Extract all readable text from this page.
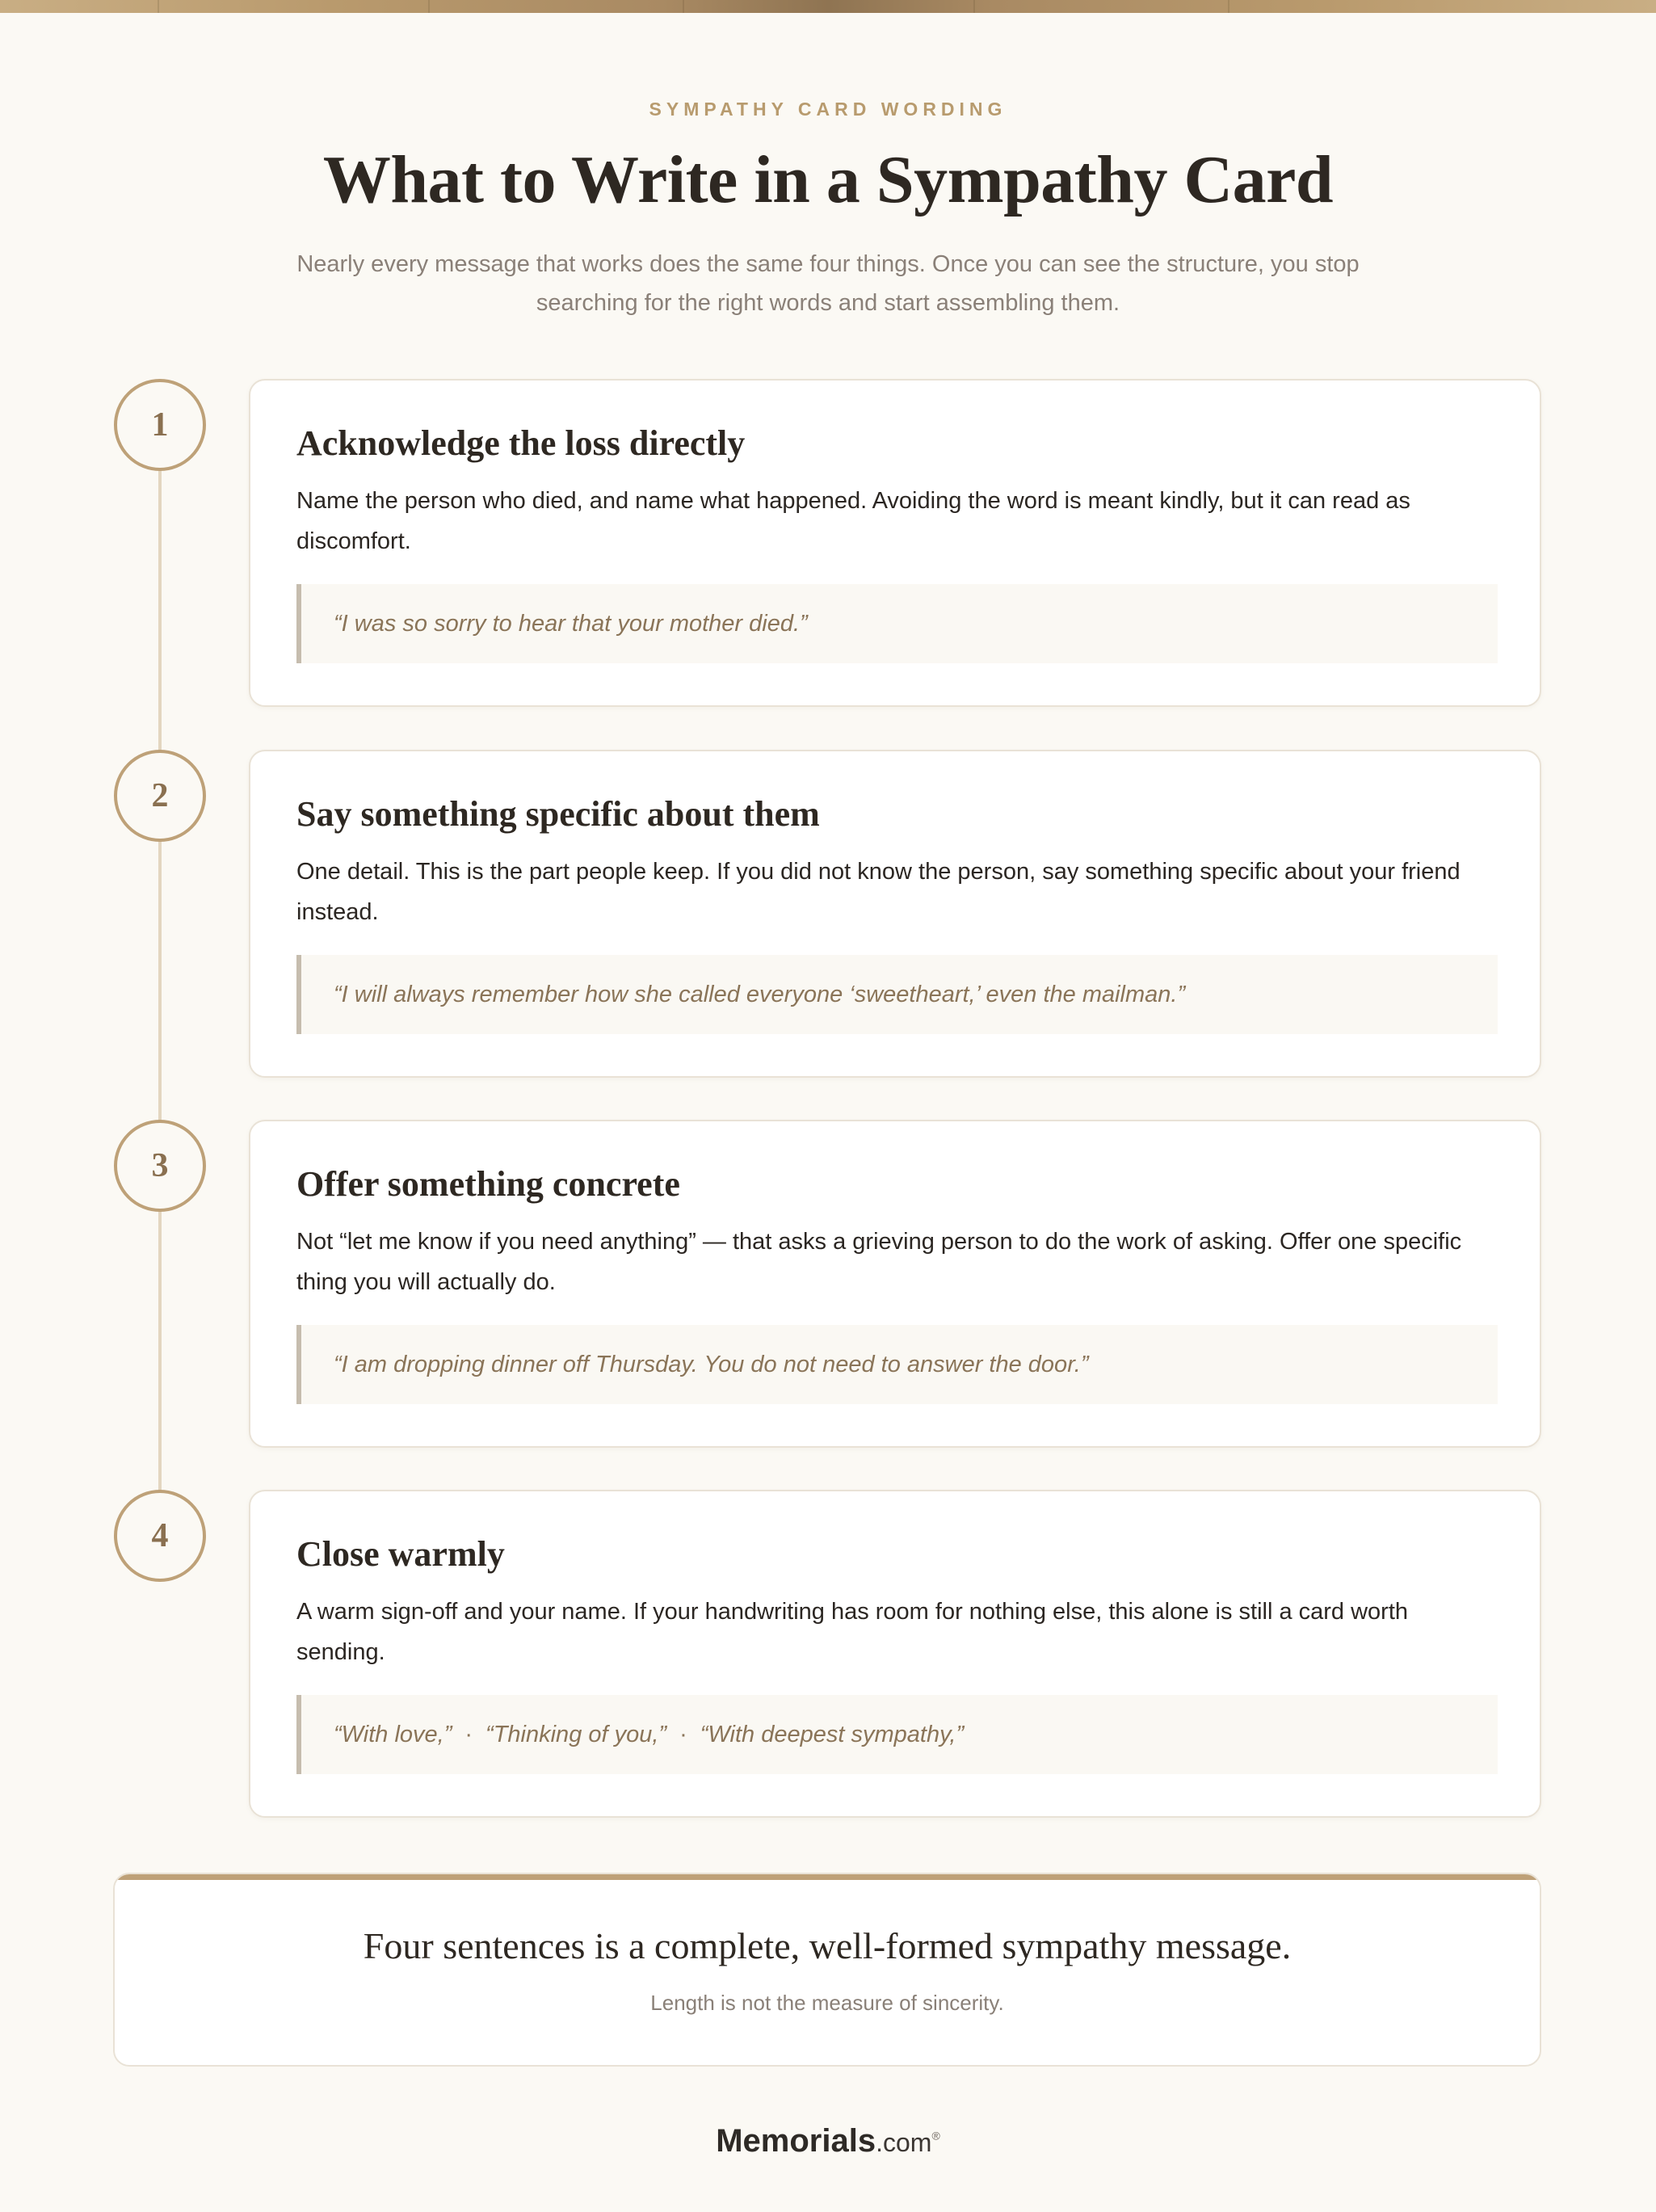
SYMPATHY CARD WORDING
What to Write in a Sympathy Card

Nearly every message that works does the same four things. Once you can see the structure, you stop searching for the right words and start assembling them.

1	Acknowledge the loss directly

Name the person who died, and name what happened. Avoiding the word is meant kindly, but it can read as discomfort.

“I was so sorry to hear that your mother died.”
2	Say something specific about them

One detail. This is the part people keep. If you did not know the person, say something specific about your friend instead.

“I will always remember how she called everyone ‘sweetheart,’ even the mailman.”
3	Offer something concrete

Not “let me know if you need anything” — that asks a grieving person to do the work of asking. Offer one specific thing you will actually do.

“I am dropping dinner off Thursday. You do not need to answer the door.”
4	Close warmly

A warm sign-off and your name. If your handwriting has room for nothing else, this alone is still a card worth sending.

“With love,” · “Thinking of you,” · “With deepest sympathy,”

Four sentences is a complete, well-formed sympathy message.

Length is not the measure of sincerity.

Memorials.com®
